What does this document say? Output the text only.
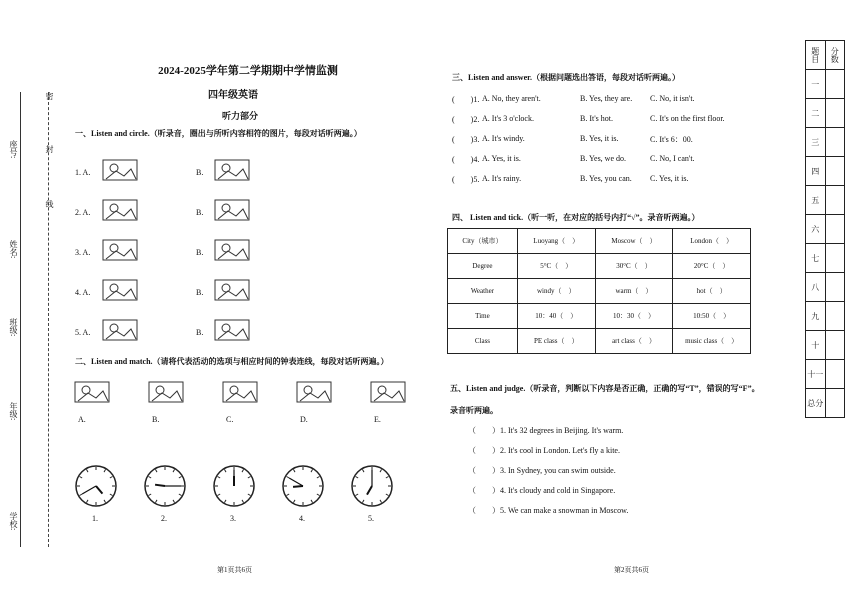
座号:
姓名:
班级:
年级:
学校:
密
封
线
2024-2025学年第二学期期中学情监测
四年级英语
听力部分
一、Listen and circle.（听录音，圈出与所听内容相符的图片，每段对话听两遍。）
1. A.	B.
2. A.	B.
3. A.	B.
4. A.	B.
5. A.	B.
二、Listen and match.（请将代表活动的选项与相应时间的钟表连线，每段对话听两遍。）
A.	B.	C.	D.	E.
1.	2.	3.	4.	5.
三、Listen and answer.（根据问题选出答语，每段对话听两遍。）
(　　)1. A. No, they aren't.	B. Yes, they are. C. No, it isn't.
(　　)2. A. It's 3 o'clock.	B. It's hot.	C. It's on the first floor.
(　　)3. A. It's windy.	B. Yes, it is.	C. It's 6：00.
(　　)4. A. Yes, it is.	B. Yes, we do.	C. No, I can't.
(　　)5. A. It's rainy.	B. Yes, you can. C. Yes, it is.
四、 Listen and tick.（听一听，在对应的括号内打“√”。录音听两遍。）
City（城市）	Luoyang（　）	Moscow（　）	London（　）
Degree	5°C（　）	30°C（　）	20°C（　）
Weather	windy（　）	warm（　）	hot（　）
Time	10：40（　）	10：30（　）	10:50（　）
Class	PE class（　）	art class（　）	music class（　）
五、Listen and judge.（听录音，判断以下内容是否正确，正确的写“T”，错误的写“F”。
录音听两遍。
（　　）1. It's 32 degrees in Beijing. It's warm.
（　　）2. It's cool in London. Let's fly a kite.
（　　）3. In Sydney, you can swim outside.
（　　）4. It's cloudy and cold in Singapore.
（　　）5. We can make a snowman in Moscow.
题目	分数
一	
二	
三	
四	
五	
六	
七	
八	
九	
十	
十一	
总分	
第1页共6页	第2页共6页
